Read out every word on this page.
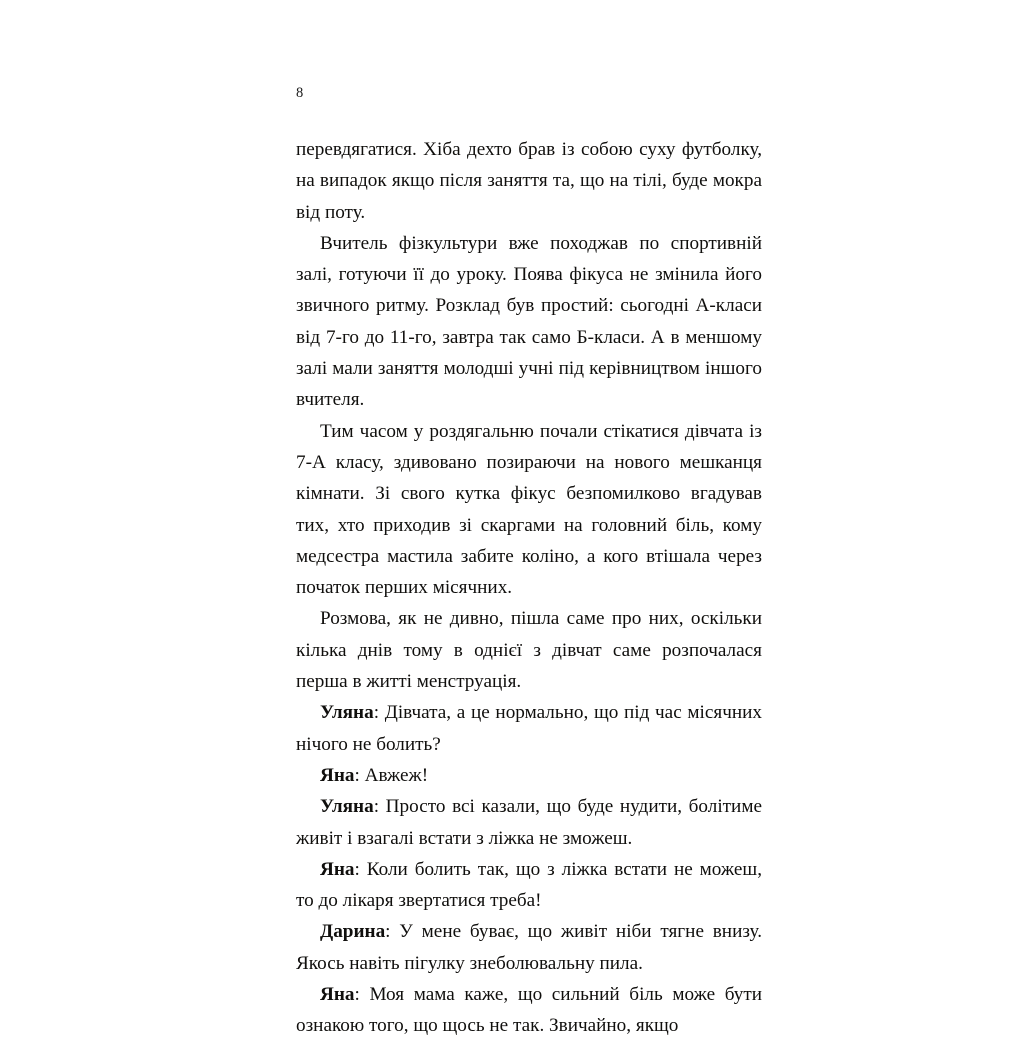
8

перевдягатися. Хіба дехто брав із собою суху футболку, на випадок якщо після заняття та, що на тілі, буде мокра від поту.

Вчитель фізкультури вже походжав по спортивній залі, готуючи її до уроку. Поява фікуса не змінила його звичного ритму. Розклад був простий: сьогодні А-класи від 7-го до 11-го, завтра так само Б-класи. А в меншому залі мали заняття молодші учні під керівництвом іншого вчителя.

Тим часом у роздягальню почали стікатися дівчата із 7-А класу, здивовано позираючи на нового мешканця кімнати. Зі свого кутка фікус безпомилково вгадував тих, хто приходив зі скаргами на головний біль, кому медсестра мастила забите коліно, а кого втішала через початок перших місячних.

Розмова, як не дивно, пішла саме про них, оскільки кілька днів тому в однієї з дівчат саме розпочалася перша в житті менструація.

Уляна: Дівчата, а це нормально, що під час місячних нічого не болить?

Яна: Авжеж!

Уляна: Просто всі казали, що буде нудити, болітиме живіт і взагалі встати з ліжка не зможеш.

Яна: Коли болить так, що з ліжка встати не можеш, то до лікаря звертатися треба!

Дарина: У мене буває, що живіт ніби тягне внизу. Якось навіть пігулку знеболювальну пила.

Яна: Моя мама каже, що сильний біль може бути ознакою того, що щось не так. Звичайно, якщо
